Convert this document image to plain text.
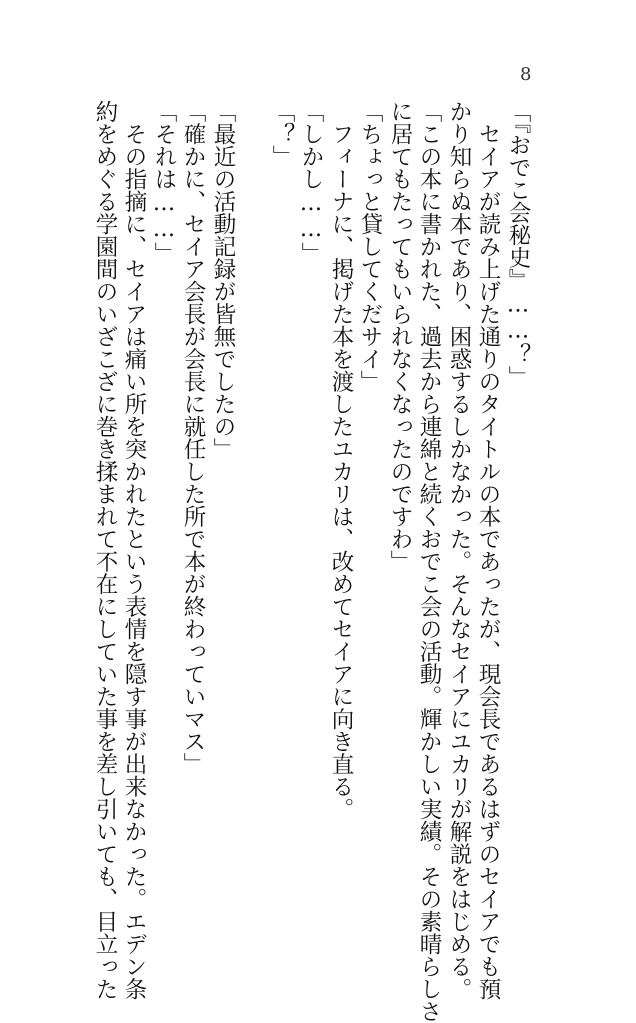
8
「『おでこ会秘史』……？」
　セイアが読み上げた通りのタイトルの本であったが、現会長であるはずのセイアでも預
かり知らぬ本であり、困惑するしかなかった。そんなセイアにユカリが解説をはじめる。
「この本に書かれた、過去から連綿と続くおでこ会の活動。輝かしい実績。その素晴らしさ
に居てもたってもいられなくなったのですわ」
「ちょっと貸してくだサイ」
　フィーナに、掲げた本を渡したユカリは、改めてセイアに向き直る。
「しかし……」
「？」
「最近の活動記録が皆無でしたの」
「確かに、セイア会長が会長に就任した所で本が終わっていマス」
「それは……」
　その指摘に、セイアは痛い所を突かれたという表情を隠す事が出来なかった。エデン条
約をめぐる学園間のいざこざに巻き揉まれて不在にしていた事を差し引いても、目立った
